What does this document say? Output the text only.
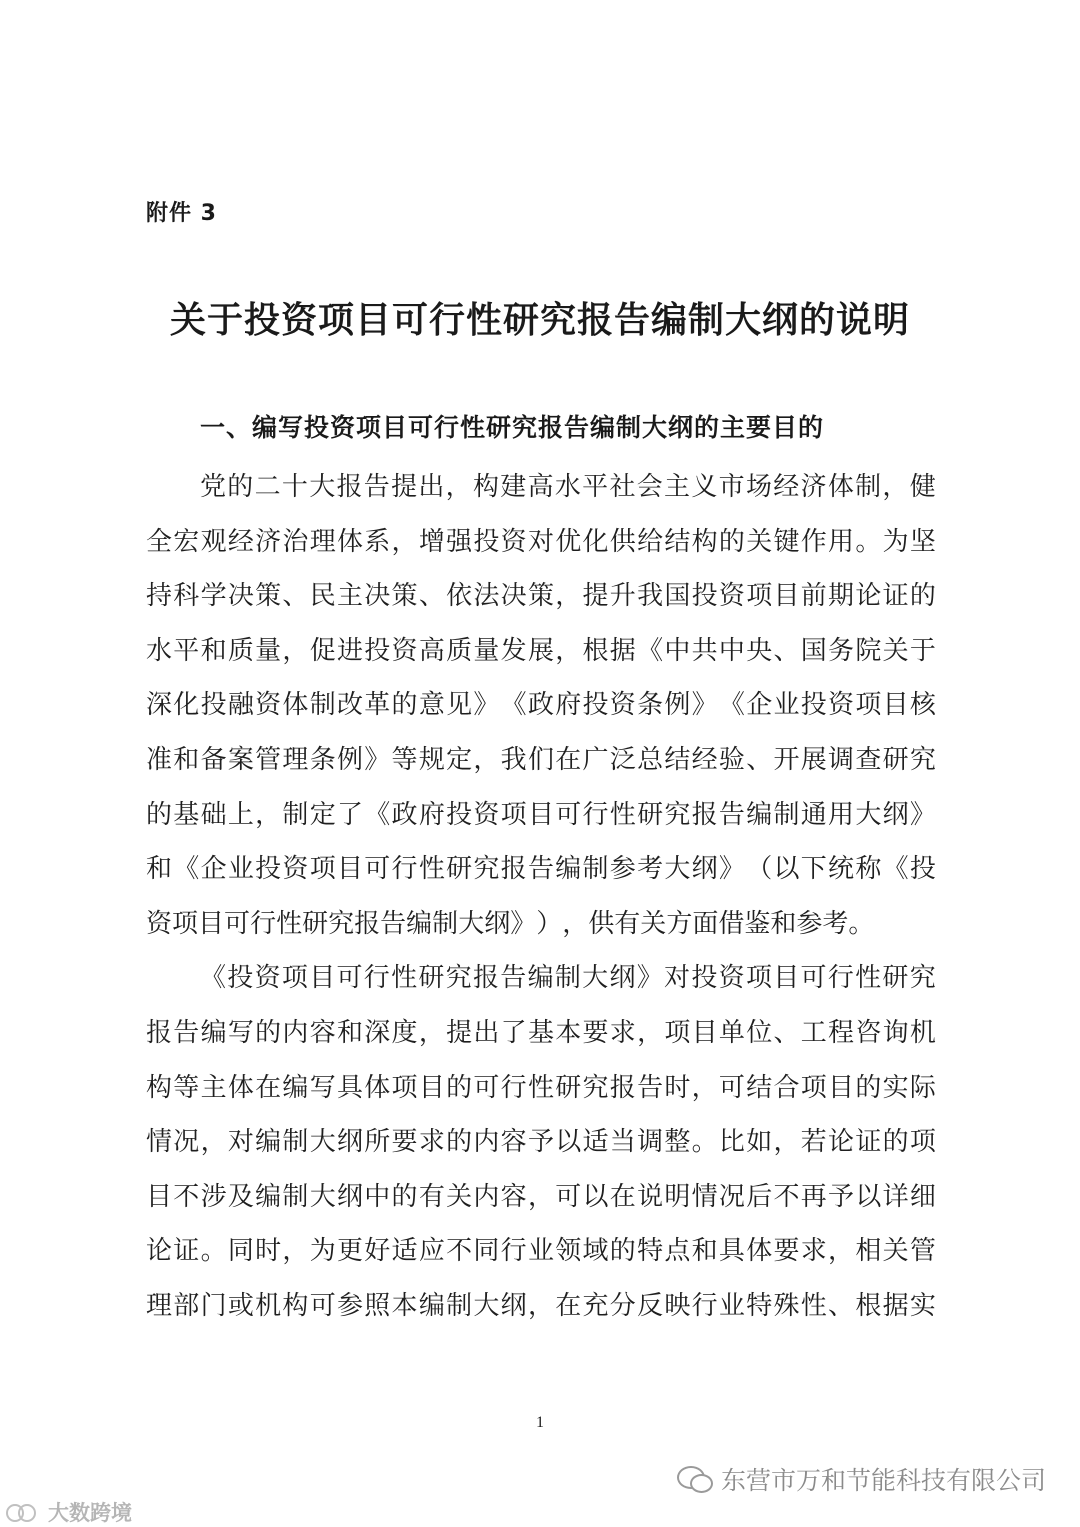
附件 3
关于投资项目可行性研究报告编制大纲的说明
一、编写投资项目可行性研究报告编制大纲的主要目的
党 的 二 十 大 报 告 提 出 ， 构 建 高 水 平 社 会 主 义 市 场 经 济 体 制 ， 健
全 宏 观 经 济 治 理 体 系 ， 增 强 投 资 对 优 化 供 给 结 构 的 关 键 作 用 。 为 坚
持 科 学 决 策 、 民 主 决 策 、 依 法 决 策 ， 提 升 我 国 投 资 项 目 前 期 论 证 的
水 平 和 质 量 ， 促 进 投 资 高 质 量 发 展 ， 根 据 《 中 共 中 央 、 国 务 院 关 于
深 化 投 融 资 体 制 改 革 的 意 见 》 《 政 府 投 资 条 例 》 《 企 业 投 资 项 目 核
准 和 备 案 管 理 条 例 》 等 规 定 ， 我 们 在 广 泛 总 结 经 验 、 开 展 调 查 研 究
的 基 础 上 ， 制 定 了 《 政 府 投 资 项 目 可 行 性 研 究 报 告 编 制 通 用 大 纲 》
和 《 企 业 投 资 项 目 可 行 性 研 究 报 告 编 制 参 考 大 纲 》 （ 以 下 统 称 《 投
资 项 目 可 行 性 研 究 报 告 编 制 大 纲 》 ） ， 供 有 关 方 面 借 鉴 和 参 考 。
《 投 资 项 目 可 行 性 研 究 报 告 编 制 大 纲 》 对 投 资 项 目 可 行 性 研 究
报 告 编 写 的 内 容 和 深 度 ， 提 出 了 基 本 要 求 ， 项 目 单 位 、 工 程 咨 询 机
构 等 主 体 在 编 写 具 体 项 目 的 可 行 性 研 究 报 告 时 ， 可 结 合 项 目 的 实 际
情 况 ， 对 编 制 大 纲 所 要 求 的 内 容 予 以 适 当 调 整 。 比 如 ， 若 论 证 的 项
目 不 涉 及 编 制 大 纲 中 的 有 关 内 容 ， 可 以 在 说 明 情 况 后 不 再 予 以 详 细
论 证 。 同 时 ， 为 更 好 适 应 不 同 行 业 领 域 的 特 点 和 具 体 要 求 ， 相 关 管
理 部 门 或 机 构 可 参 照 本 编 制 大 纲 ， 在 充 分 反 映 行 业 特 殊 性 、 根 据 实
1
东营市万和节能科技有限公司
大数跨境
